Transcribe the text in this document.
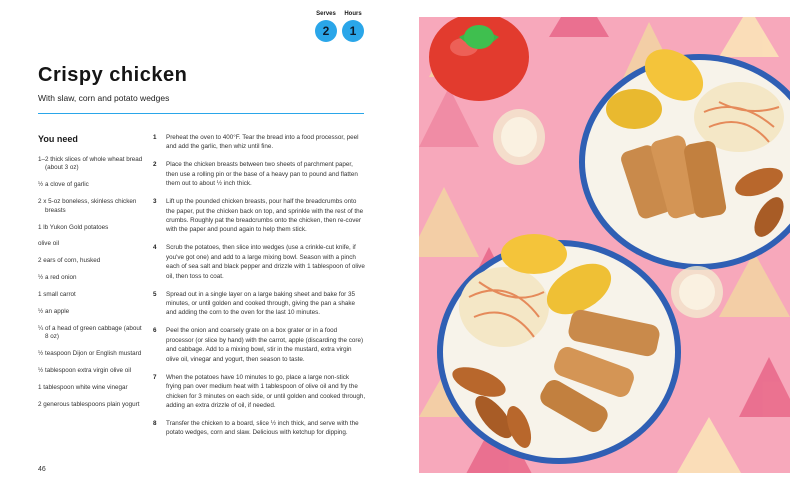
Serves
2
Hours
1
Crispy chicken
With slaw, corn and potato wedges
You need
1–2 thick slices of whole wheat bread (about 3 oz)
½ a clove of garlic
2 x 5-oz boneless, skinless chicken breasts
1 lb Yukon Gold potatoes
olive oil
2 ears of corn, husked
½ a red onion
1 small carrot
½ an apple
¼ of a head of green cabbage (about 8 oz)
½ teaspoon Dijon or English mustard
½ tablespoon extra virgin olive oil
1 tablespoon white wine vinegar
2 generous tablespoons plain yogurt
1 Preheat the oven to 400°F. Tear the bread into a food processor, peel and add the garlic, then whiz until fine.
2 Place the chicken breasts between two sheets of parchment paper, then use a rolling pin or the base of a heavy pan to pound and flatten them out to about ½ inch thick.
3 Lift up the pounded chicken breasts, pour half the breadcrumbs onto the paper, put the chicken back on top, and sprinkle with the rest of the crumbs. Roughly pat the breadcrumbs onto the chicken, then re-cover with the paper and pound again to help them stick.
4 Scrub the potatoes, then slice into wedges (use a crinkle-cut knife, if you've got one) and add to a large mixing bowl. Season with a pinch each of sea salt and black pepper and drizzle with 1 tablespoon of olive oil, then toss to coat.
5 Spread out in a single layer on a large baking sheet and bake for 35 minutes, or until golden and cooked through, giving the pan a shake and adding the corn to the oven for the last 10 minutes.
6 Peel the onion and coarsely grate on a box grater or in a food processor (or slice by hand) with the carrot, apple (discarding the core) and cabbage. Add to a mixing bowl, stir in the mustard, extra virgin olive oil, vinegar and yogurt, then season to taste.
7 When the potatoes have 10 minutes to go, place a large non-stick frying pan over medium heat with 1 tablespoon of olive oil and fry the chicken for 3 minutes on each side, or until golden and cooked through, adding an extra drizzle of oil, if needed.
8 Transfer the chicken to a board, slice ½ inch thick, and serve with the potato wedges, corn and slaw. Delicious with ketchup for dipping.
46
